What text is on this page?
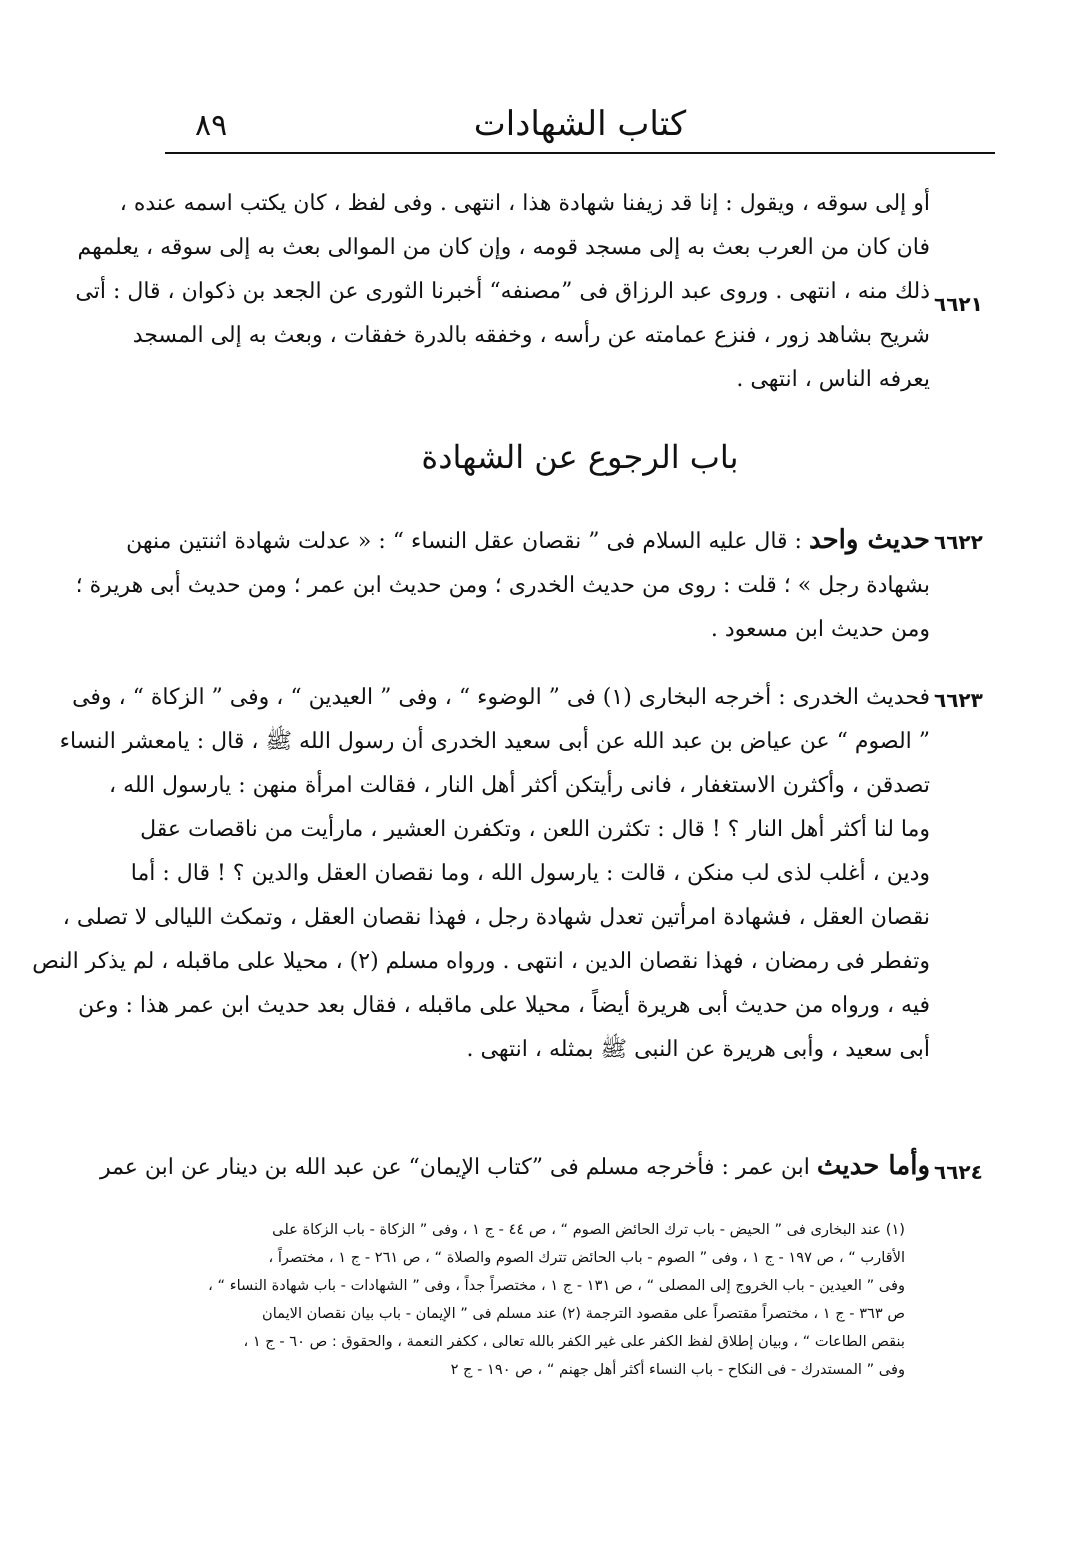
٨٩	كتاب الشهادات
أو إلى سوقه ، ويقول : إنا قد زيفنا شهادة هذا ، انتهى . وفى لفظ ، كان يكتب اسمه عنده ،
فان كان من العرب بعث به إلى مسجد قومه ، وإن كان من الموالى بعث به إلى سوقه ، يعلمهم
ذلك منه ، انتهى . وروى عبد الرزاق فى ”مصنفه“ أخبرنا الثورى عن الجعد بن ذكوان ، قال : أتى
شريح بشاهد زور ، فنزع عمامته عن رأسه ، وخفقه بالدرة خفقات ، وبعث به إلى المسجد
يعرفه الناس ، انتهى .
٦٦٢١
باب الرجوع عن الشهادة
حديث واحد : قال عليه السلام فى ” نقصان عقل النساء “ : « عدلت شهادة اثنتين منهن
بشهادة رجل » ؛ قلت : روى من حديث الخدرى ؛ ومن حديث ابن عمر ؛ ومن حديث أبى هريرة ؛
ومن حديث ابن مسعود .
٦٦٢٢
فحديث الخدرى : أخرجه البخارى (١) فى ” الوضوء “ ، وفى ” العيدين “ ، وفى ” الزكاة “ ، وفى
” الصوم “ عن عياض بن عبد الله عن أبى سعيد الخدرى أن رسول الله ﷺ ، قال : يامعشر النساء
تصدقن ، وأكثرن الاستغفار ، فانى رأيتكن أكثر أهل النار ، فقالت امرأة منهن : يارسول الله ،
وما لنا أكثر أهل النار ؟ ! قال : تكثرن اللعن ، وتكفرن العشير ، مارأيت من ناقصات عقل
ودين ، أغلب لذى لب منكن ، قالت : يارسول الله ، وما نقصان العقل والدين ؟ ! قال : أما
نقصان العقل ، فشهادة امرأتين تعدل شهادة رجل ، فهذا نقصان العقل ، وتمكث الليالى لا تصلى ،
وتفطر فى رمضان ، فهذا نقصان الدين ، انتهى . ورواه مسلم (٢) ، محيلا على ماقبله ، لم يذكر النص
فيه ، ورواه من حديث أبى هريرة أيضاً ، محيلا على ماقبله ، فقال بعد حديث ابن عمر هذا : وعن
أبى سعيد ، وأبى هريرة عن النبى ﷺ بمثله ، انتهى .
٦٦٢٣
وأما حديث ابن عمر : فأخرجه مسلم فى ”كتاب الإيمان“ عن عبد الله بن دينار عن ابن عمر	٦٦٢٤
(١) عند البخارى فى ” الحيض - باب ترك الحائض الصوم “ ، ص ٤٤ - ج ١ ، وفى ” الزكاة - باب الزكاة على
الأقارب “ ، ص ١٩٧ - ج ١ ، وفى ” الصوم - باب الحائض تترك الصوم والصلاة “ ، ص ٢٦١ - ج ١ ، مختصراً ،
وفى ” العيدين - باب الخروج إلى المصلى “ ، ص ١٣١ - ج ١ ، مختصراً جداً ، وفى ” الشهادات - باب شهادة النساء “ ،
ص ٣٦٣ - ج ١ ، مختصراً مقتصراً على مقصود الترجمة (٢) عند مسلم فى ” الإيمان - باب بيان نقصان الايمان
بنقص الطاعات “ ، وبيان إطلاق لفظ الكفر على غير الكفر بالله تعالى ، ككفر النعمة ، والحقوق : ص ٦٠ - ج ١ ،
وفى ” المستدرك - فى النكاح - باب النساء أكثر أهل جهنم “ ، ص ١٩٠ - ج ٢
